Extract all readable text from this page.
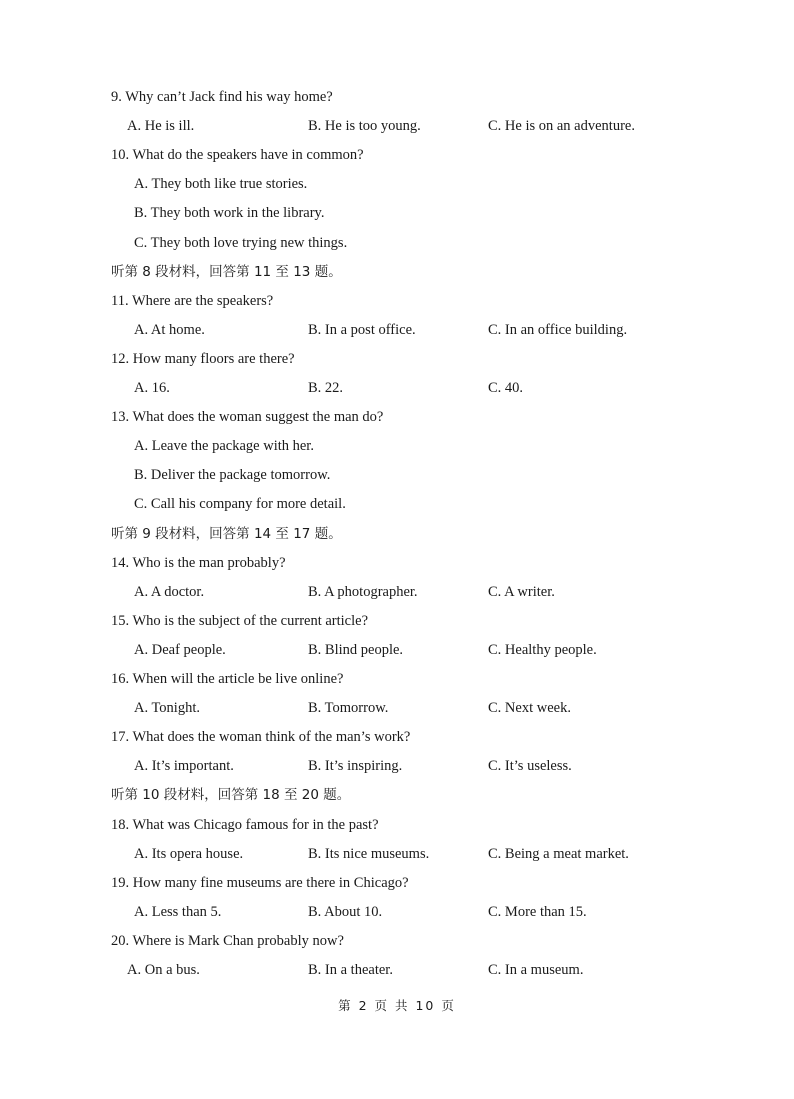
9. Why can’t Jack find his way home?
A. He is ill.	B. He is too young.	C. He is on an adventure.
10. What do the speakers have in common?
A. They both like true stories.
B. They both work in the library.
C. They both love trying new things.
听第 8 段材料，回答第 11 至 13 题。
11. Where are the speakers?
A. At home.	B. In a post office.	C. In an office building.
12. How many floors are there?
A. 16.	B. 22.	C. 40.
13. What does the woman suggest the man do?
A. Leave the package with her.
B. Deliver the package tomorrow.
C. Call his company for more detail.
听第 9 段材料，回答第 14 至 17 题。
14. Who is the man probably?
A. A doctor.	B. A photographer.	C. A writer.
15. Who is the subject of the current article?
A. Deaf people.	B. Blind people.	C. Healthy people.
16. When will the article be live online?
A. Tonight.	B. Tomorrow.	C. Next week.
17. What does the woman think of the man’s work?
A. It’s important.	B. It’s inspiring.	C. It’s useless.
听第 10 段材料，回答第 18 至 20 题。
18. What was Chicago famous for in the past?
A. Its opera house.	B. Its nice museums.	C. Being a meat market.
19. How many fine museums are there in Chicago?
A. Less than 5.	B. About 10.	C. More than 15.
20. Where is Mark Chan probably now?
A. On a bus.	B. In a theater.	C. In a museum.
第 2 页 共 10 页
